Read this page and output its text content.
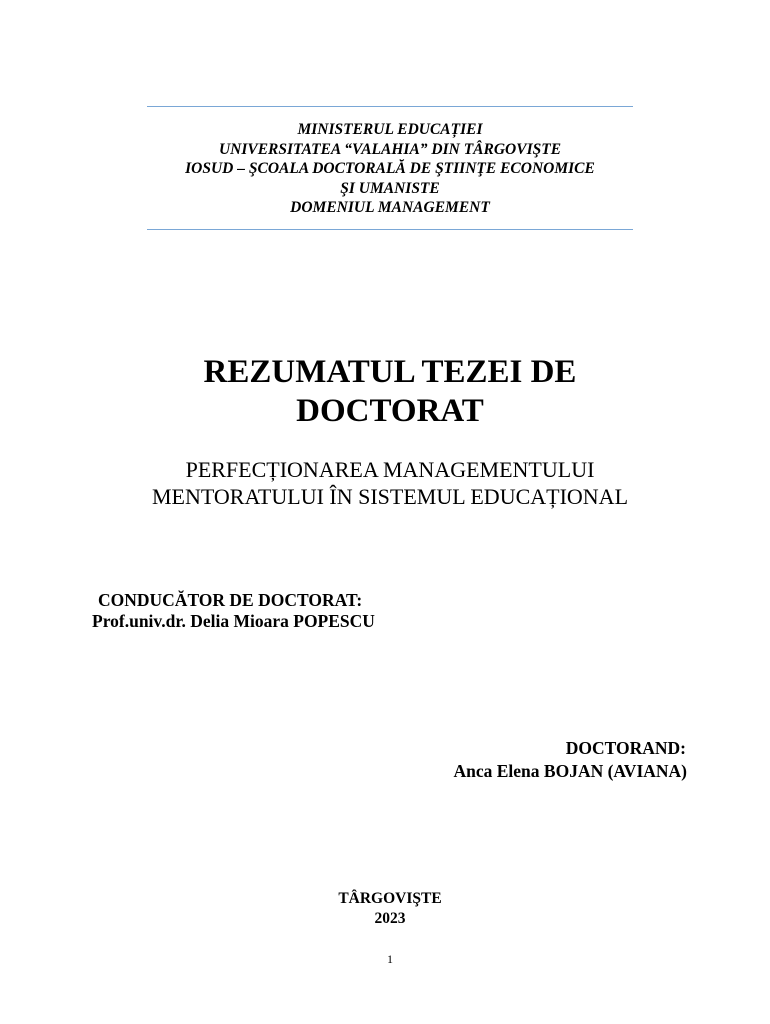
MINISTERUL EDUCAȚIEI
UNIVERSITATEA “VALAHIA” DIN TÂRGOVIŞTE
IOSUD – ŞCOALA DOCTORALĂ DE ŞTIINŢE ECONOMICE
ŞI UMANISTE
DOMENIUL MANAGEMENT
REZUMATUL TEZEI DE
DOCTORAT
PERFECȚIONAREA MANAGEMENTULUI
MENTORATULUI ÎN SISTEMUL EDUCAȚIONAL
CONDUCĂTOR DE DOCTORAT:
Prof.univ.dr. Delia Mioara POPESCU
DOCTORAND:
Anca Elena BOJAN (AVIANA)
TÂRGOVIŞTE
2023
1
